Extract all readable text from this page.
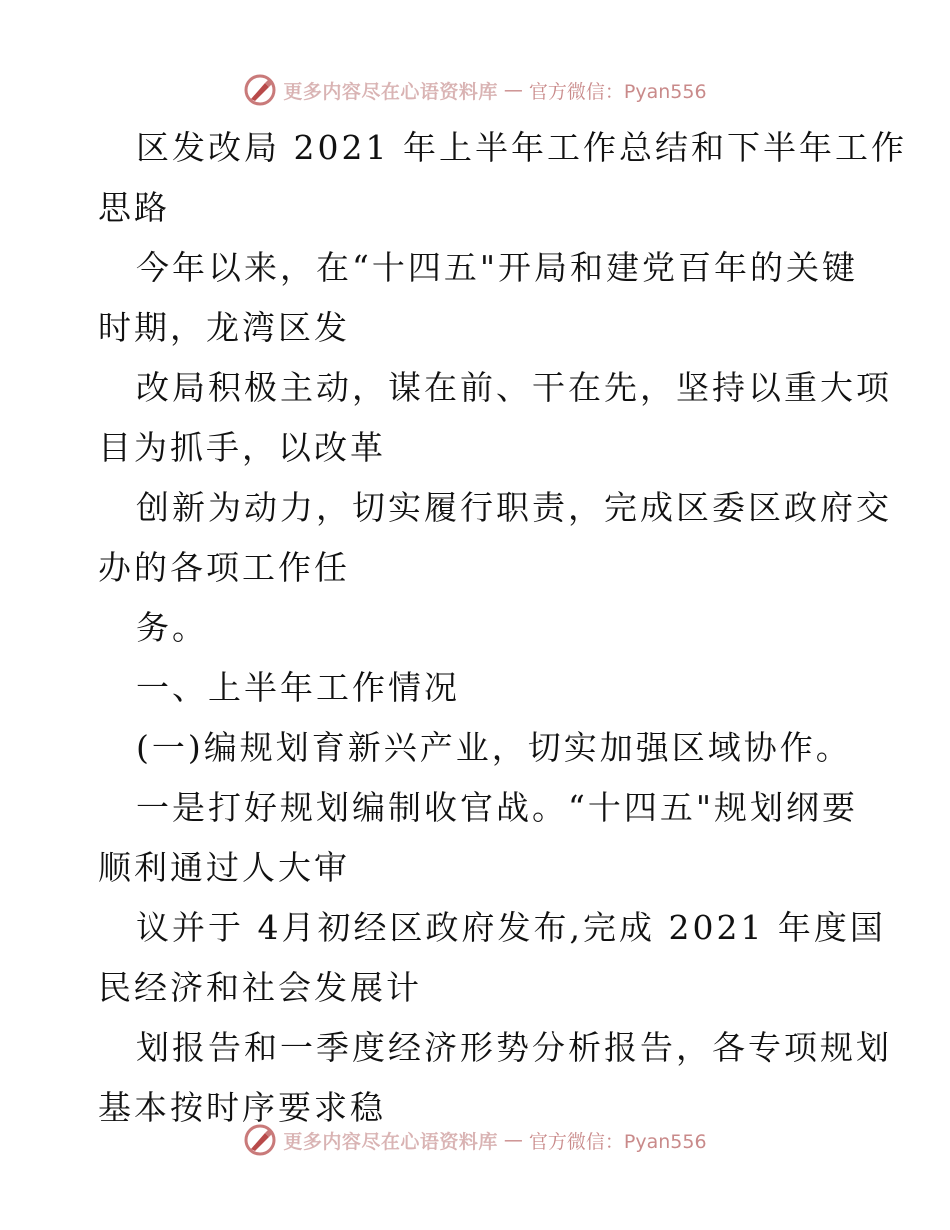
更多内容尽在心语资料库 — 官方微信：Pyan556

区发改局 2021 年上半年工作总结和下半年工作
思路

今年以来，在“十四五"开局和建党百年的关键
时期，龙湾区发

改局积极主动，谋在前、干在先，坚持以重大项
目为抓手，以改革

创新为动力，切实履行职责，完成区委区政府交
办的各项工作任

务。

一、上半年工作情况

(一)编规划育新兴产业，切实加强区域协作。

一是打好规划编制收官战。“十四五"规划纲要
顺利通过人大审

议并于 4月初经区政府发布,完成 2021 年度国
民经济和社会发展计

划报告和一季度经济形势分析报告，各专项规划
基本按时序要求稳

更多内容尽在心语资料库 — 官方微信：Pyan556
